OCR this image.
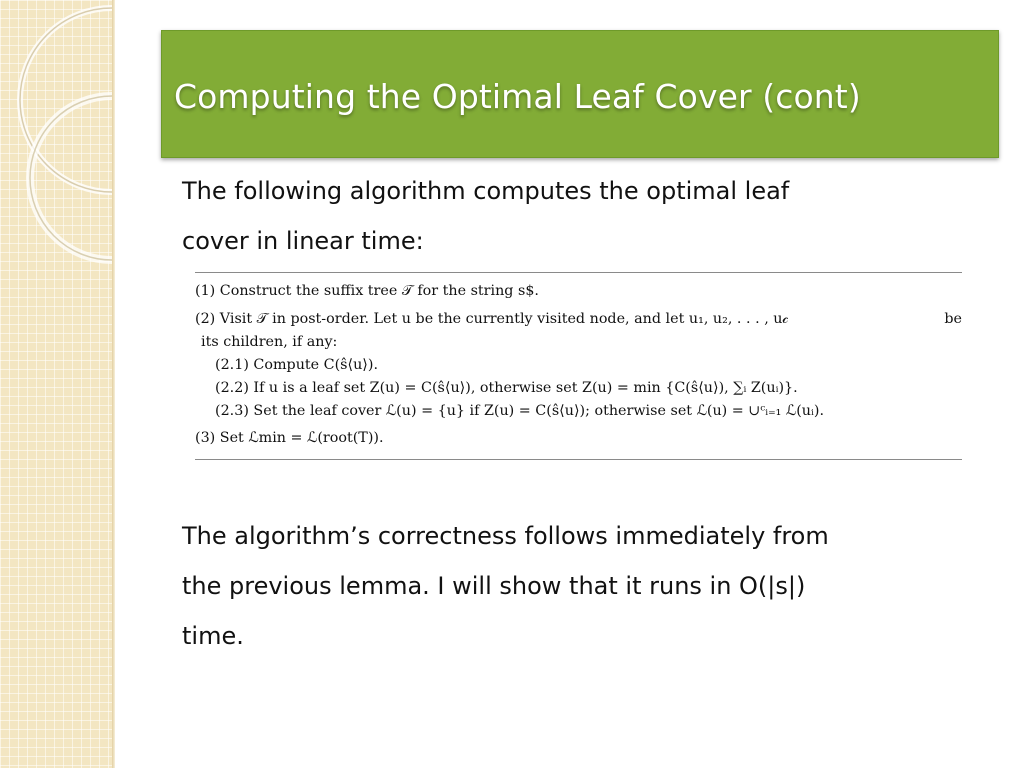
Computing the Optimal Leaf Cover (cont)
The following algorithm computes the optimal leaf
cover in linear time:
(1) Construct the suffix tree 𝒯 for the string s$.
(2) Visit 𝒯 in post-order. Let u be the currently visited node, and let u₁, u₂, . . . , u𝒸	be
its children, if any:
(2.1) Compute C(ŝ⟨u⟩).
(2.2) If u is a leaf set Z(u) = C(ŝ⟨u⟩), otherwise set Z(u) = min {C(ŝ⟨u⟩), ∑ᵢ Z(uᵢ)}.
(2.3) Set the leaf cover ℒ(u) = {u} if Z(u) = C(ŝ⟨u⟩); otherwise set ℒ(u) = ∪ᶜᵢ₌₁ ℒ(uᵢ).
(3) Set ℒmin = ℒ(root(T)).
The algorithm’s correctness follows immediately from
the previous lemma. I will show that it runs in O(|s|)
time.
